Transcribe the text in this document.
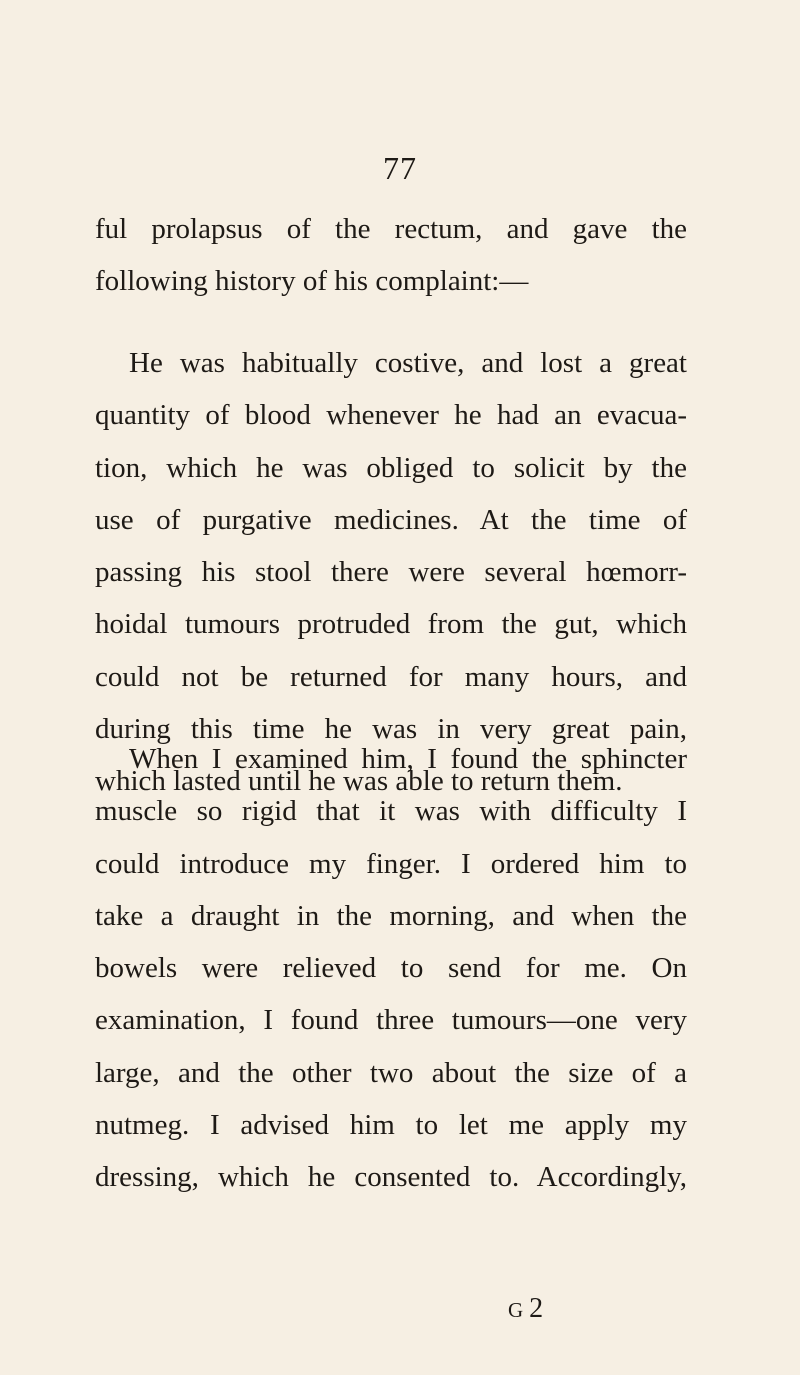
77
ful prolapsus of the rectum, and gave the
following history of his complaint:—
He was habitually costive, and lost a great
quantity of blood whenever he had an evacua-
tion, which he was obliged to solicit by the
use of purgative medicines. At the time of
passing his stool there were several hœmorr-
hoidal tumours protruded from the gut, which
could not be returned for many hours, and
during this time he was in very great pain,
which lasted until he was able to return them.
When I examined him, I found the sphincter
muscle so rigid that it was with difficulty I
could introduce my finger. I ordered him to
take a draught in the morning, and when the
bowels were relieved to send for me. On
examination, I found three tumours—one very
large, and the other two about the size of a
nutmeg. I advised him to let me apply my
dressing, which he consented to. Accordingly,
G2
